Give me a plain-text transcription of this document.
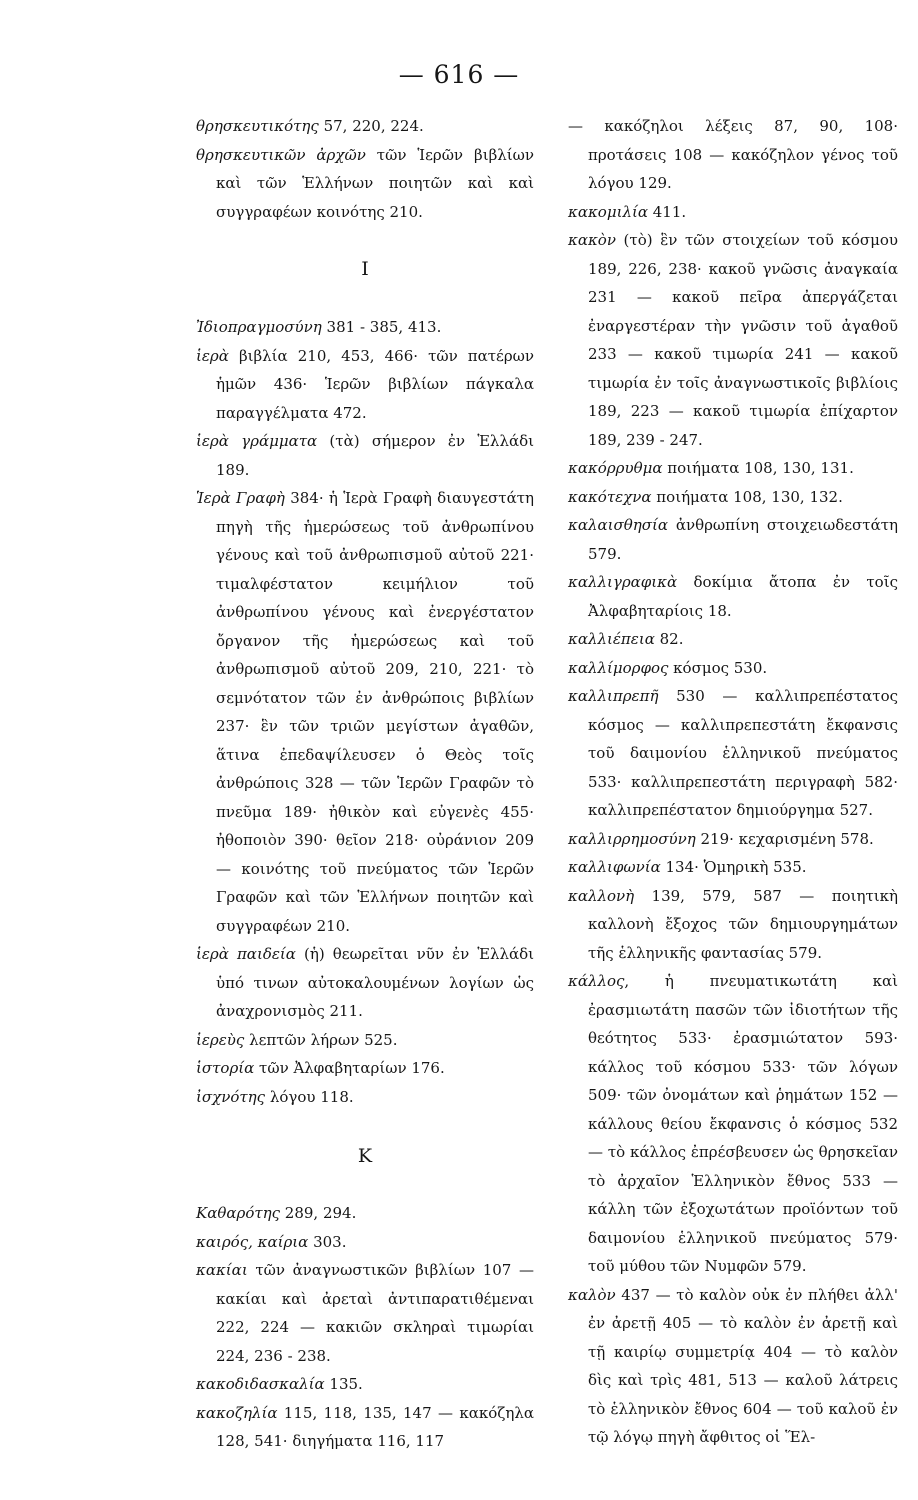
— 616 —

θρησκευτικότης 57, 220, 224.

θρησκευτικῶν ἀρχῶν τῶν Ἱερῶν βιβλίων καὶ τῶν Ἑλλήνων ποιητῶν καὶ καὶ συγγραφέων κοινότης 210.

I

Ἰδιοπραγμοσύνη 381 - 385, 413.

ἱερὰ βιβλία 210, 453, 466· τῶν πατέρων ἡμῶν 436· Ἱερῶν βιβλίων πάγκαλα παραγγέλματα 472.

ἱερὰ γράμματα (τὰ) σήμερον ἐν Ἑλλάδι 189.

Ἱερὰ Γραφὴ 384· ἡ Ἱερὰ Γραφὴ διαυγεστάτη πηγὴ τῆς ἡμερώσεως τοῦ ἀνθρωπίνου γένους καὶ τοῦ ἀνθρωπισμοῦ αὐτοῦ 221· τιμαλφέστατον κειμήλιον τοῦ ἀνθρωπίνου γένους καὶ ἐνεργέστατον ὄργανον τῆς ἡμερώσεως καὶ τοῦ ἀνθρωπισμοῦ αὐτοῦ 209, 210, 221· τὸ σεμνότατον τῶν ἐν ἀνθρώποις βιβλίων 237· ἓν τῶν τριῶν μεγίστων ἀγαθῶν, ἅτινα ἐπεδαψίλευσεν ὁ Θεὸς τοῖς ἀνθρώποις 328 — τῶν Ἱερῶν Γραφῶν τὸ πνεῦμα 189· ἠθικὸν καὶ εὐγενὲς 455· ἠθοποιὸν 390· θεῖον 218· οὐράνιον 209 — κοινότης τοῦ πνεύματος τῶν Ἱερῶν Γραφῶν καὶ τῶν Ἑλλήνων ποιητῶν καὶ συγγραφέων 210.

ἱερὰ παιδεία (ἡ) θεωρεῖται νῦν ἐν Ἑλλάδι ὑπό τινων αὐτοκαλουμένων λογίων ὡς ἀναχρονισμὸς 211.

ἱερεὺς λεπτῶν λήρων 525.

ἱστορία τῶν Ἀλφαβηταρίων 176.

ἰσχνότης λόγου 118.

Κ

Καθαρότης 289, 294.

καιρός, καίρια 303.

κακίαι τῶν ἀναγνωστικῶν βιβλίων 107 — κακίαι καὶ ἀρεταὶ ἀντιπαρατιθέμεναι 222, 224 — κακιῶν σκληραὶ τιμωρίαι 224, 236 - 238.

κακοδιδασκαλία 135.

κακοζηλία 115, 118, 135, 147 — κακόζηλα 128, 541· διηγήματα 116, 117

— κακόζηλοι λέξεις 87, 90, 108· προτάσεις 108 — κακόζηλον γένος τοῦ λόγου 129.

κακομιλία 411.

κακὸν (τὸ) ἓν τῶν στοιχείων τοῦ κόσμου 189, 226, 238· κακοῦ γνῶσις ἀναγκαία 231 — κακοῦ πεῖρα ἀπεργάζεται ἐναργεστέραν τὴν γνῶσιν τοῦ ἀγαθοῦ 233 — κακοῦ τιμωρία 241 — κακοῦ τιμωρία ἐν τοῖς ἀναγνωστικοῖς βιβλίοις 189, 223 — κακοῦ τιμωρία ἐπίχαρτον 189, 239 - 247.

κακόρρυθμα ποιήματα 108, 130, 131.

κακότεχνα ποιήματα 108, 130, 132.

καλαισθησία ἀνθρωπίνη στοιχειωδεστάτη 579.

καλλιγραφικὰ δοκίμια ἄτοπα ἐν τοῖς Ἀλφαβηταρίοις 18.

καλλιέπεια 82.

καλλίμορφος κόσμος 530.

καλλιπρεπῆ 530 — καλλιπρεπέστατος κόσμος — καλλιπρεπεστάτη ἔκφανσις τοῦ δαιμονίου ἑλληνικοῦ πνεύματος 533· καλλιπρεπεστάτη περιγραφὴ 582· καλλιπρεπέστατον δημιούργημα 527.

καλλιρρημοσύνη 219· κεχαρισμένη 578.

καλλιφωνία 134· Ὁμηρικὴ 535.

καλλονὴ 139, 579, 587 — ποιητικὴ καλλονὴ ἔξοχος τῶν δημιουργημάτων τῆς ἑλληνικῆς φαντασίας 579.

κάλλος, ἡ πνευματικωτάτη καὶ ἐρασμιωτάτη πασῶν τῶν ἰδιοτήτων τῆς θεότητος 533· ἐρασμιώτατον 593· κάλλος τοῦ κόσμου 533· τῶν λόγων 509· τῶν ὀνομάτων καὶ ῥημάτων 152 — κάλλους θείου ἔκφανσις ὁ κόσμος 532 — τὸ κάλλος ἐπρέσβευσεν ὡς θρησκεῖαν τὸ ἀρχαῖον Ἑλληνικὸν ἔθνος 533 — κάλλη τῶν ἐξοχωτάτων προϊόντων τοῦ δαιμονίου ἑλληνικοῦ πνεύματος 579· τοῦ μύθου τῶν Νυμφῶν 579.

καλὸν 437 — τὸ καλὸν οὐκ ἐν πλήθει ἀλλ' ἐν ἀρετῇ 405 — τὸ καλὸν ἐν ἀρετῇ καὶ τῇ καιρίῳ συμμετρίᾳ 404 — τὸ καλὸν δὶς καὶ τρὶς 481, 513 — καλοῦ λάτρεις τὸ ἑλληνικὸν ἔθνος 604 — τοῦ καλοῦ ἐν τῷ λόγῳ πηγὴ ἄφθιτος οἱ Ἕλ-
